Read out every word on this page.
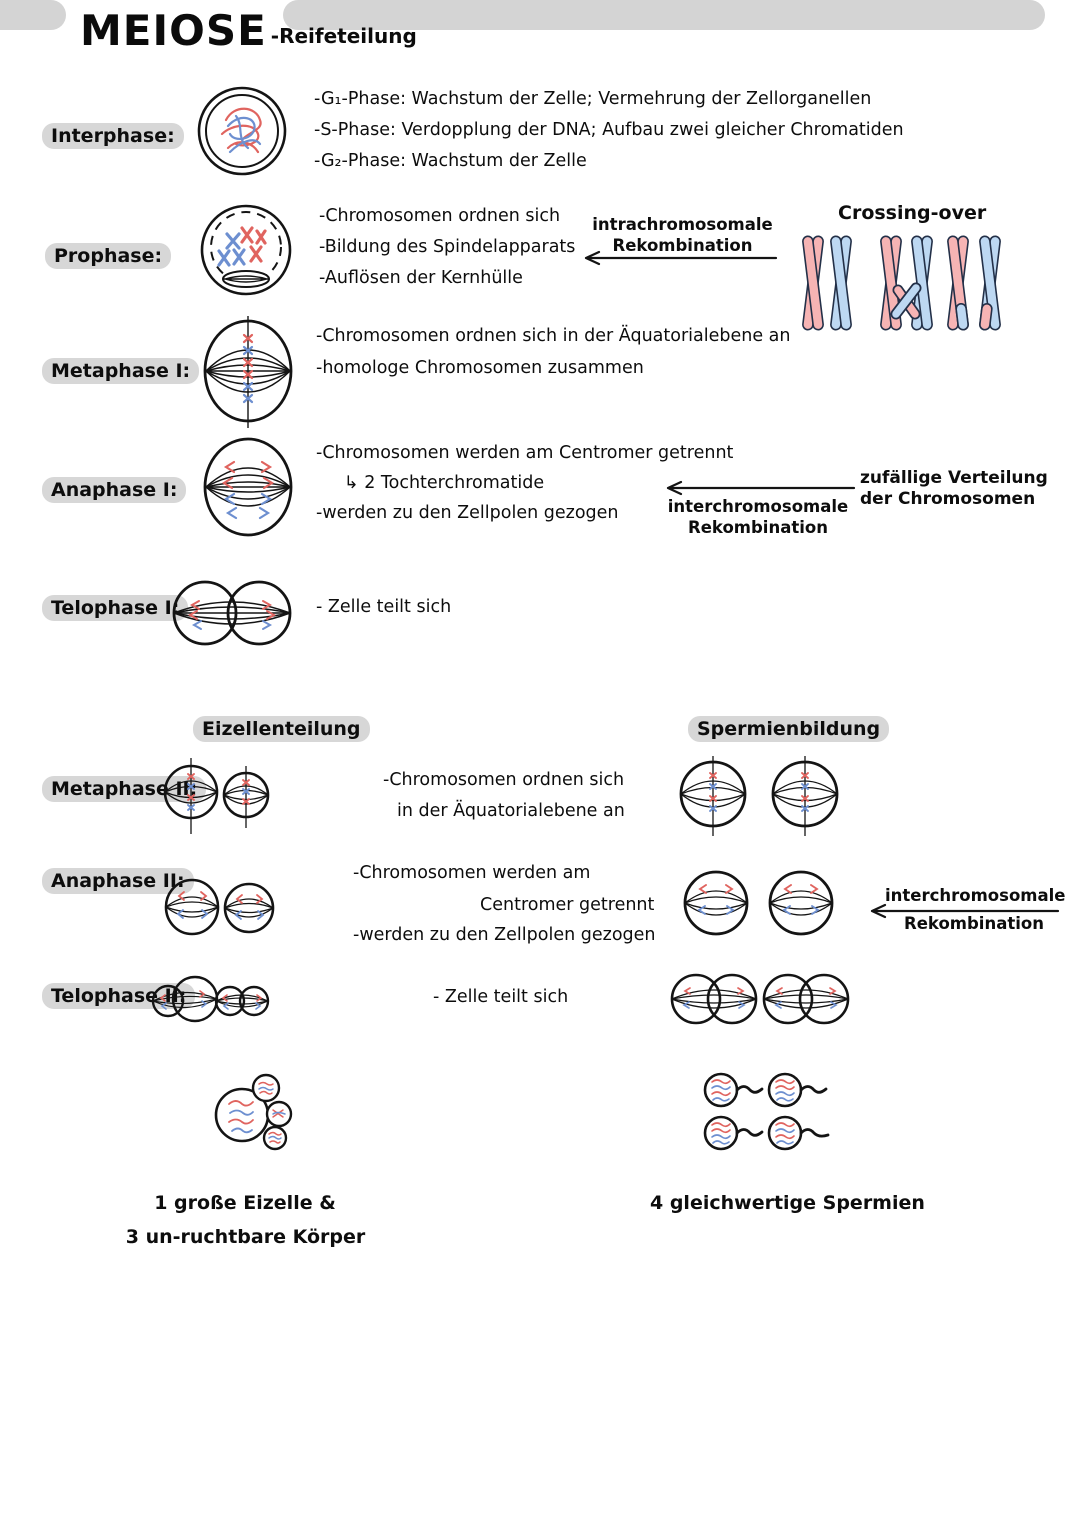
MEIOSE -Reifeteilung
Interphase:
-G₁-Phase: Wachstum der Zelle; Vermehrung der Zellorganellen
-S-Phase: Verdopplung der DNA; Aufbau zwei gleicher Chromatiden
-G₂-Phase: Wachstum der Zelle
Prophase:
-Chromosomen ordnen sich
-Bildung des Spindelapparats
-Auflösen der Kernhülle
intrachromosomale
Rekombination
Crossing-over
Metaphase I:
-Chromosomen ordnen sich in der Äquatorialebene an
-homologe Chromosomen zusammen
Anaphase I:
-Chromosomen werden am Centromer getrennt
↳ 2 Tochterchromatide
-werden zu den Zellpolen gezogen	interchromosomale
Rekombination
zufällige Verteilung
der Chromosomen
Telophase I:	- Zelle teilt sich
Eizellenteilung	Spermienbildung
Metaphase II:	-Chromosomen ordnen sich
in der Äquatorialebene an
Anaphase II:	-Chromosomen werden am
Centromer getrennt
-werden zu den Zellpolen gezogen
interchromosomale
Rekombination
Telophase II:	- Zelle teilt sich
1 große Eizelle &
3 un-ruchtbare Körper
4 gleichwertige Spermien
